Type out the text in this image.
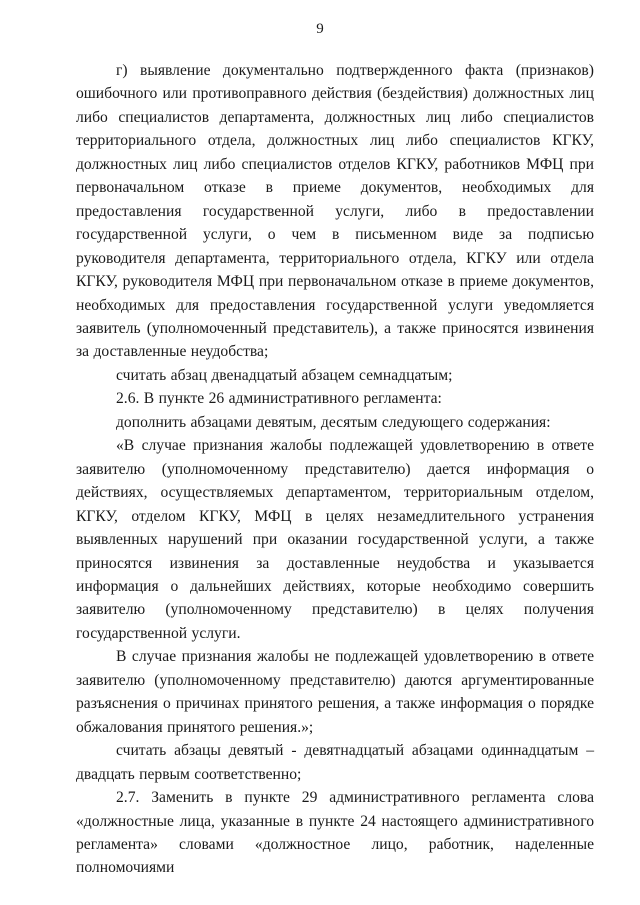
9

г) выявление документально подтвержденного факта (признаков) ошибочного или противоправного действия (бездействия) должностных лиц либо специалистов департамента, должностных лиц либо специалистов территориального отдела, должностных лиц либо специалистов КГКУ, должностных лиц либо специалистов отделов КГКУ, работников МФЦ при первоначальном отказе в приеме документов, необходимых для предоставления государственной услуги, либо в предоставлении государственной услуги, о чем в письменном виде за подписью руководителя департамента, территориального отдела, КГКУ или отдела КГКУ, руководителя МФЦ при первоначальном отказе в приеме документов, необходимых для предоставления государственной услуги уведомляется заявитель (уполномоченный представитель), а также приносятся извинения за доставленные неудобства;

считать абзац двенадцатый абзацем семнадцатым;

2.6. В пункте 26 административного регламента:

дополнить абзацами девятым, десятым следующего содержания:

«В случае признания жалобы подлежащей удовлетворению в ответе заявителю (уполномоченному представителю) дается информация о действиях, осуществляемых департаментом, территориальным отделом, КГКУ, отделом КГКУ, МФЦ в целях незамедлительного устранения выявленных нарушений при оказании государственной услуги, а также приносятся извинения за доставленные неудобства и указывается информация о дальнейших действиях, которые необходимо совершить заявителю (уполномоченному представителю) в целях получения государственной услуги.

В случае признания жалобы не подлежащей удовлетворению в ответе заявителю (уполномоченному представителю) даются аргументированные разъяснения о причинах принятого решения, а также информация о порядке обжалования принятого решения.»;

считать абзацы девятый - девятнадцатый абзацами одиннадцатым – двадцать первым соответственно;

2.7. Заменить в пункте 29 административного регламента слова «должностные лица, указанные в пункте 24 настоящего административного регламента» словами «должностное лицо, работник, наделенные полномочиями
